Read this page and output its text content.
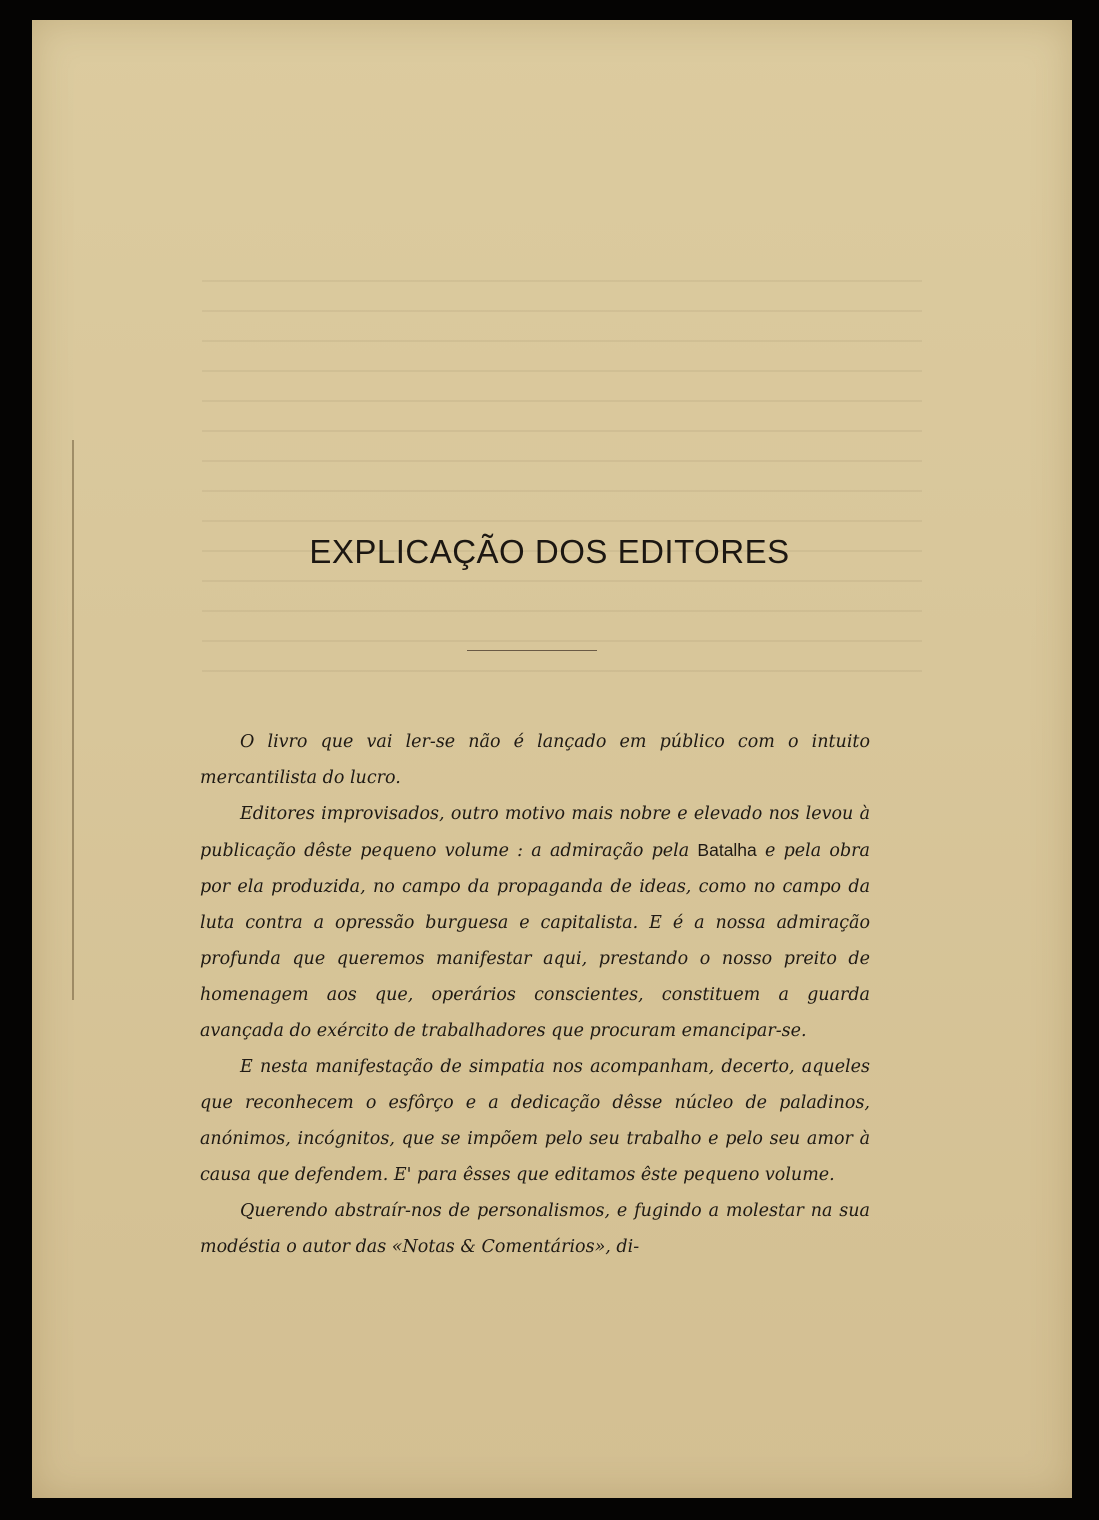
EXPLICAÇÃO DOS EDITORES

O livro que vai ler-se não é lançado em público com o intuito mercantilista do lucro.

Editores improvisados, outro motivo mais nobre e elevado nos levou à publicação dêste pequeno volume : a admiração pela Batalha e pela obra por ela produzida, no campo da propaganda de ideas, como no campo da luta contra a opressão burguesa e capitalista. E é a nossa admiração profunda que queremos manifestar aqui, prestando o nosso preito de homenagem aos que, operários conscientes, constituem a guarda avançada do exército de trabalhadores que procuram emancipar-se.

E nesta manifestação de simpatia nos acompanham, decerto, aqueles que reconhecem o esfôrço e a dedicação dêsse núcleo de paladinos, anónimos, incógnitos, que se impõem pelo seu trabalho e pelo seu amor à causa que defendem. E' para êsses que editamos êste pequeno volume.

Querendo abstraír-nos de personalismos, e fugindo a molestar na sua modéstia o autor das «Notas & Comentários», di-
